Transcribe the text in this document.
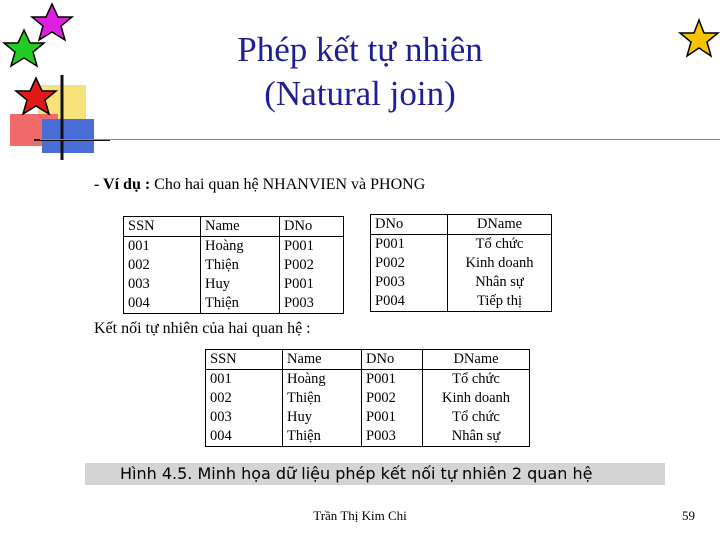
Phép kết tự nhiên
(Natural join)
- Ví dụ : Cho hai quan hệ NHANVIEN và PHONG
SSN	Name	DNo
001	Hoàng	P001
002	Thiện	P002
003	Huy	P001
004	Thiện	P003
DNo	DName
P001	Tổ chức
P002	Kinh doanh
P003	Nhân sự
P004	Tiếp thị
Kết nối tự nhiên của hai quan hệ :
SSN	Name	DNo	DName
001	Hoàng	P001	Tổ chức
002	Thiện	P002	Kinh doanh
003	Huy	P001	Tổ chức
004	Thiện	P003	Nhân sự
Hình 4.5. Minh họa dữ liệu phép kết nối tự nhiên 2 quan hệ
Trần Thị Kim Chi	59
